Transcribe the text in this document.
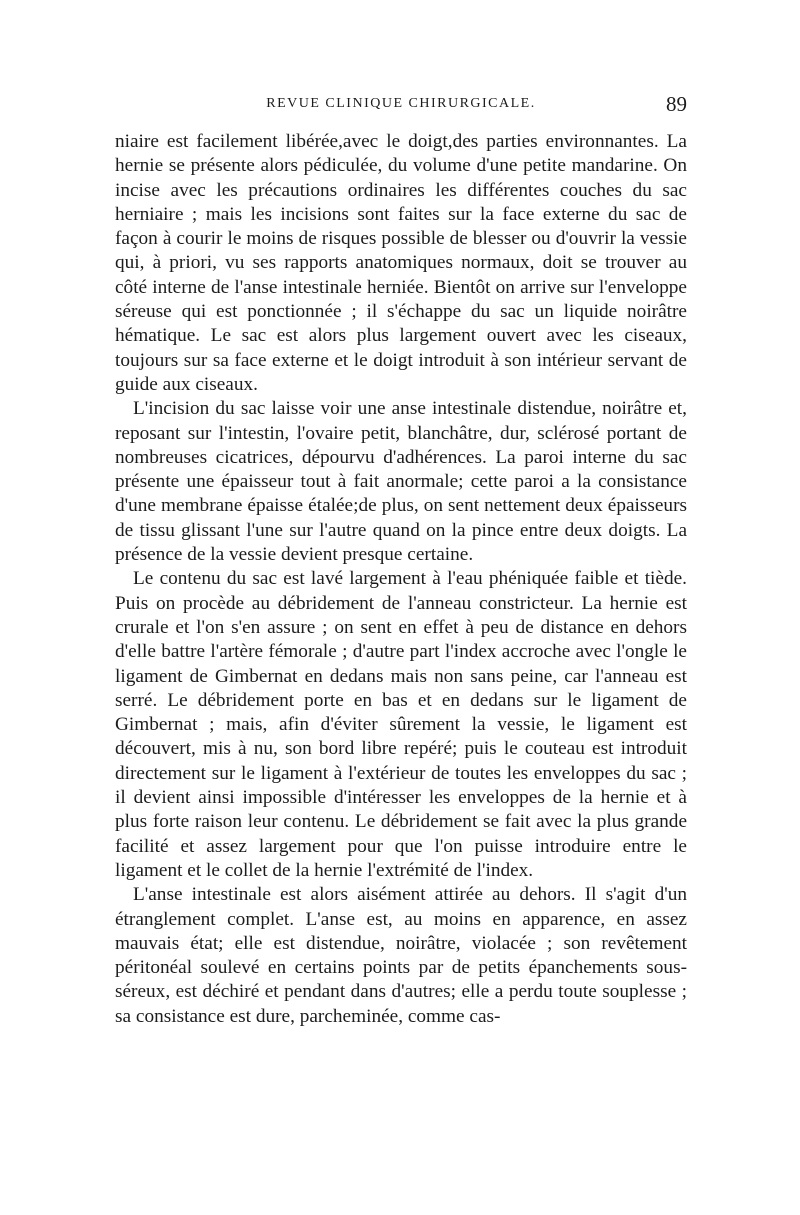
REVUE CLINIQUE CHIRURGICALE.	89

niaire est facilement libérée,avec le doigt,des parties environnantes. La hernie se présente alors pédiculée, du volume d'une petite mandarine. On incise avec les précautions ordinaires les différentes couches du sac herniaire ; mais les incisions sont faites sur la face externe du sac de façon à courir le moins de risques possible de blesser ou d'ouvrir la vessie qui, à priori, vu ses rapports anatomiques normaux, doit se trouver au côté interne de l'anse intestinale herniée. Bientôt on arrive sur l'enveloppe séreuse qui est ponctionnée ; il s'échappe du sac un liquide noirâtre hématique. Le sac est alors plus largement ouvert avec les ciseaux, toujours sur sa face externe et le doigt introduit à son intérieur servant de guide aux ciseaux.

L'incision du sac laisse voir une anse intestinale distendue, noirâtre et, reposant sur l'intestin, l'ovaire petit, blanchâtre, dur, sclérosé portant de nombreuses cicatrices, dépourvu d'adhérences. La paroi interne du sac présente une épaisseur tout à fait anormale; cette paroi a la consistance d'une membrane épaisse étalée;de plus, on sent nettement deux épaisseurs de tissu glissant l'une sur l'autre quand on la pince entre deux doigts. La présence de la vessie devient presque certaine.

Le contenu du sac est lavé largement à l'eau phéniquée faible et tiède. Puis on procède au débridement de l'anneau constricteur. La hernie est crurale et l'on s'en assure ; on sent en effet à peu de distance en dehors d'elle battre l'artère fémorale ; d'autre part l'index accroche avec l'ongle le ligament de Gimbernat en dedans mais non sans peine, car l'anneau est serré. Le débridement porte en bas et en dedans sur le ligament de Gimbernat ; mais, afin d'éviter sûrement la vessie, le ligament est découvert, mis à nu, son bord libre repéré; puis le couteau est introduit directement sur le ligament à l'extérieur de toutes les enveloppes du sac ; il devient ainsi impossible d'intéresser les enveloppes de la hernie et à plus forte raison leur contenu. Le débridement se fait avec la plus grande facilité et assez largement pour que l'on puisse introduire entre le ligament et le collet de la hernie l'extrémité de l'index.

L'anse intestinale est alors aisément attirée au dehors. Il s'agit d'un étranglement complet. L'anse est, au moins en apparence, en assez mauvais état; elle est distendue, noirâtre, violacée ; son revêtement péritonéal soulevé en certains points par de petits épanchements sous-séreux, est déchiré et pendant dans d'autres; elle a perdu toute souplesse ; sa consistance est dure, parcheminée, comme cas-
